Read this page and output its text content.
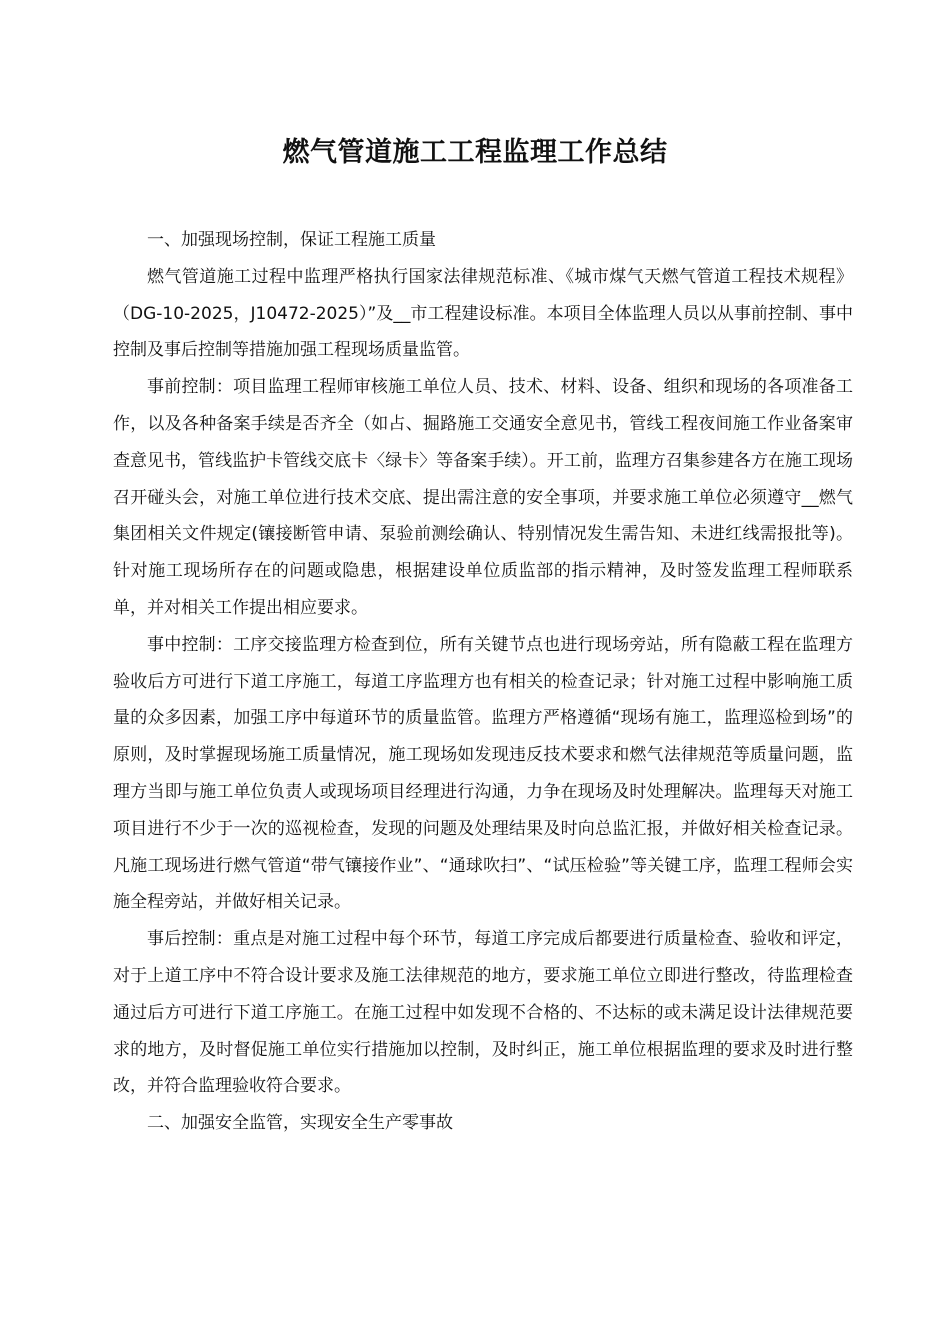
燃气管道施工工程监理工作总结

一、加强现场控制，保证工程施工质量

燃气管道施工过程中监理严格执行国家法律规范标准、《城市煤气天燃气管道工程技术规程》（DG-10-2025，J10472-2025）”及__市工程建设标准。本项目全体监理人员以从事前控制、事中控制及事后控制等措施加强工程现场质量监管。

事前控制：项目监理工程师审核施工单位人员、技术、材料、设备、组织和现场的各项准备工作，以及各种备案手续是否齐全（如占、掘路施工交通安全意见书，管线工程夜间施工作业备案审查意见书，管线监护卡管线交底卡〈绿卡〉等备案手续）。开工前，监理方召集参建各方在施工现场召开碰头会，对施工单位进行技术交底、提出需注意的安全事项，并要求施工单位必须遵守__燃气集团相关文件规定(镶接断管申请、泵验前测绘确认、特别情况发生需告知、未进红线需报批等)。针对施工现场所存在的问题或隐患，根据建设单位质监部的指示精神，及时签发监理工程师联系单，并对相关工作提出相应要求。

事中控制：工序交接监理方检查到位，所有关键节点也进行现场旁站，所有隐蔽工程在监理方验收后方可进行下道工序施工，每道工序监理方也有相关的检查记录；针对施工过程中影响施工质量的众多因素，加强工序中每道环节的质量监管。监理方严格遵循“现场有施工，监理巡检到场”的原则，及时掌握现场施工质量情况，施工现场如发现违反技术要求和燃气法律规范等质量问题，监理方当即与施工单位负责人或现场项目经理进行沟通，力争在现场及时处理解决。监理每天对施工项目进行不少于一次的巡视检查，发现的问题及处理结果及时向总监汇报，并做好相关检查记录。凡施工现场进行燃气管道“带气镶接作业”、“通球吹扫”、“试压检验”等关键工序，监理工程师会实施全程旁站，并做好相关记录。

事后控制：重点是对施工过程中每个环节，每道工序完成后都要进行质量检查、验收和评定，对于上道工序中不符合设计要求及施工法律规范的地方，要求施工单位立即进行整改，待监理检查通过后方可进行下道工序施工。在施工过程中如发现不合格的、不达标的或未满足设计法律规范要求的地方，及时督促施工单位实行措施加以控制，及时纠正，施工单位根据监理的要求及时进行整改，并符合监理验收符合要求。

二、加强安全监管，实现安全生产零事故
